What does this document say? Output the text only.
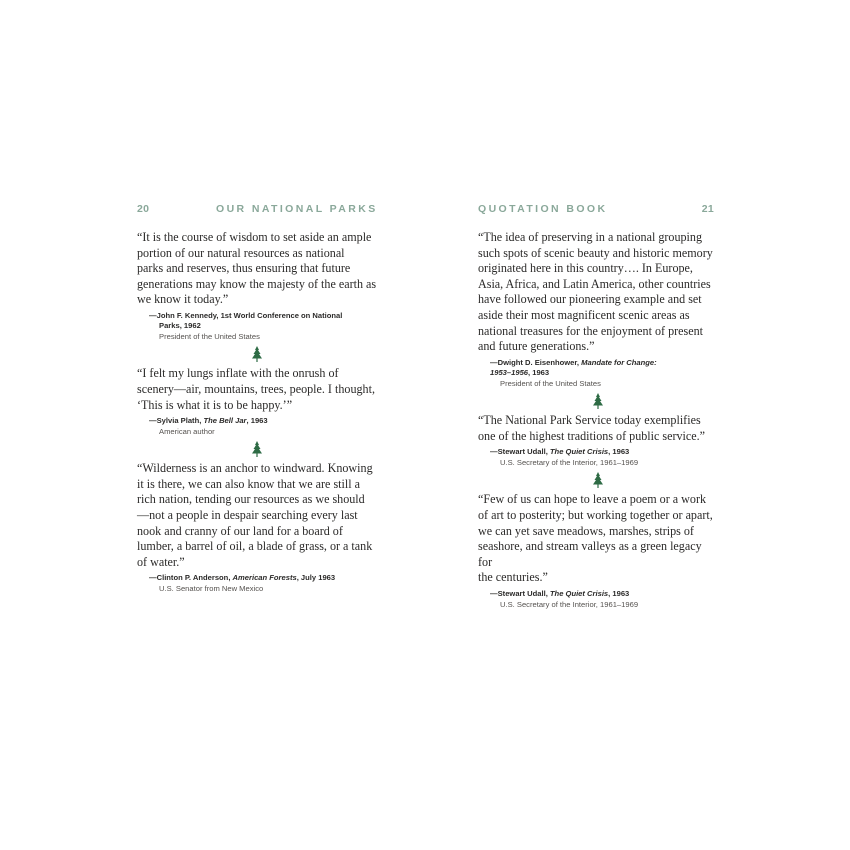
20	OUR NATIONAL PARKS

“It is the course of wisdom to set aside an ample
portion of our natural resources as national
parks and reserves, thus ensuring that future
generations may know the majesty of the earth as
we know it today.”

—John F. Kennedy, 1st World Conference on National
Parks, 1962
President of the United States

“I felt my lungs inflate with the onrush of
scenery—air, mountains, trees, people. I thought,
‘This is what it is to be happy.’”

—Sylvia Plath, The Bell Jar, 1963
American author

“Wilderness is an anchor to windward. Knowing
it is there, we can also know that we are still a
rich nation, tending our resources as we should
—not a people in despair searching every last
nook and cranny of our land for a board of
lumber, a barrel of oil, a blade of grass, or a tank
of water.”

—Clinton P. Anderson, American Forests, July 1963
U.S. Senator from New Mexico
QUOTATION BOOK	21

“The idea of preserving in a national grouping
such spots of scenic beauty and historic memory
originated here in this country…. In Europe,
Asia, Africa, and Latin America, other countries
have followed our pioneering example and set
aside their most magnificent scenic areas as
national treasures for the enjoyment of present
and future generations.”

—Dwight D. Eisenhower, Mandate for Change:
1953–1956, 1963
President of the United States

“The National Park Service today exemplifies
one of the highest traditions of public service.”

—Stewart Udall, The Quiet Crisis, 1963
U.S. Secretary of the Interior, 1961–1969

“Few of us can hope to leave a poem or a work
of art to posterity; but working together or apart,
we can yet save meadows, marshes, strips of
seashore, and stream valleys as a green legacy for
the centuries.”

—Stewart Udall, The Quiet Crisis, 1963
U.S. Secretary of the Interior, 1961–1969
